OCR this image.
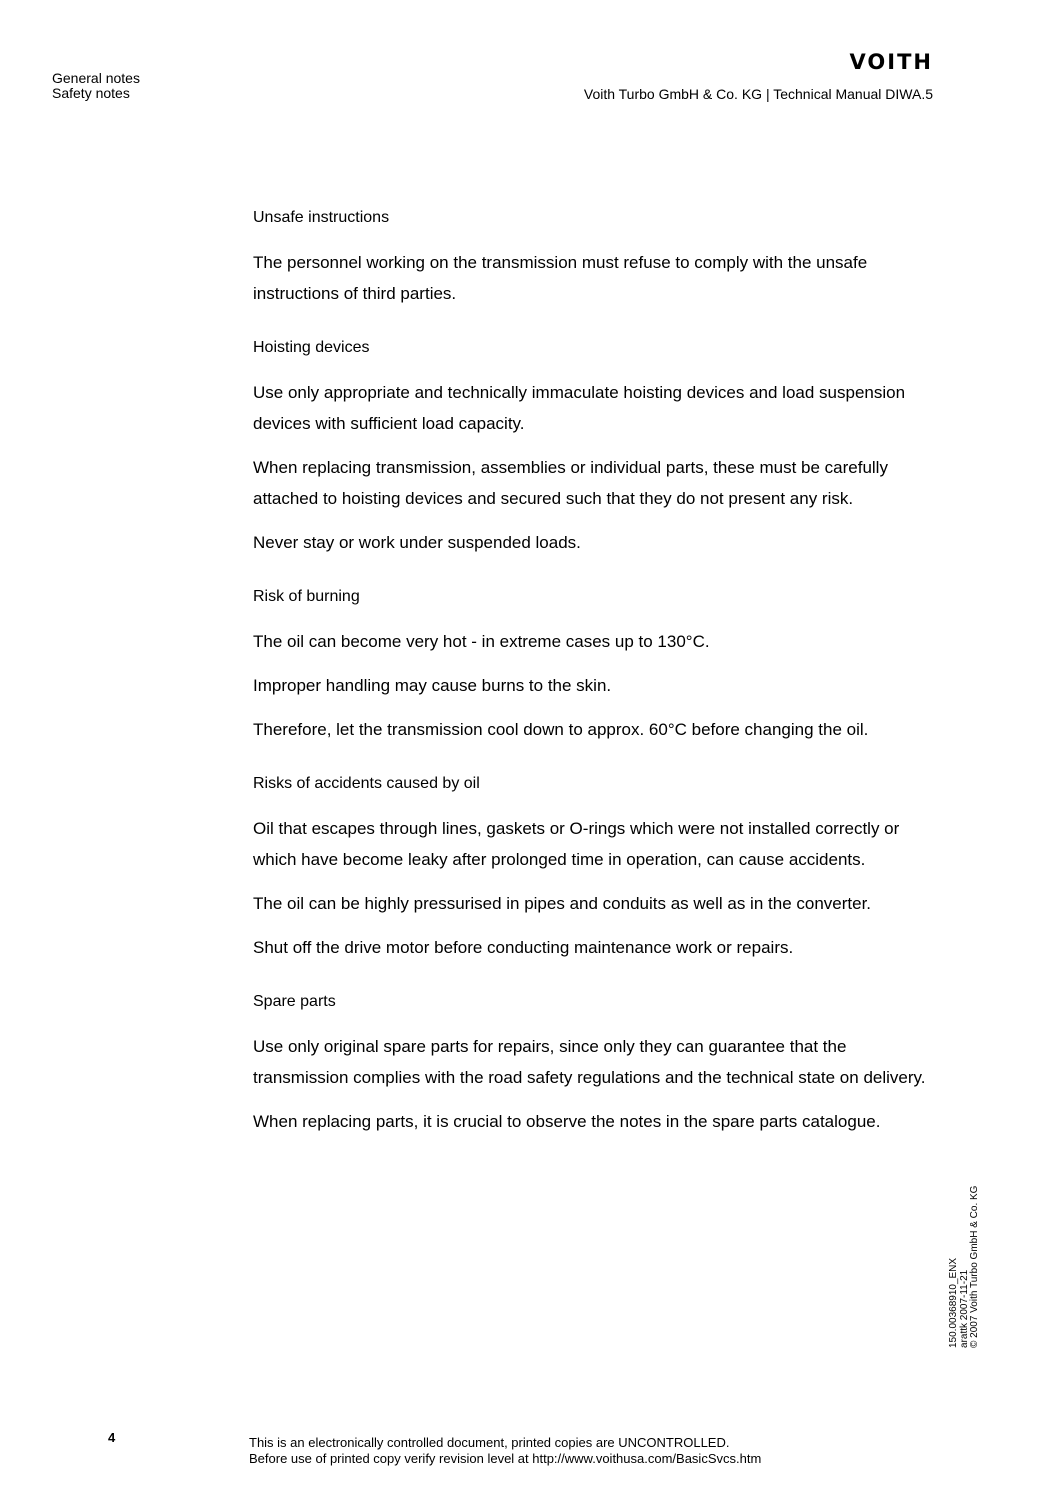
General notes
Safety notes
VOITH
Voith Turbo GmbH & Co. KG | Technical Manual DIWA.5
Unsafe instructions

The personnel working on the transmission must refuse to comply with the unsafe instructions of third parties.

Hoisting devices

Use only appropriate and technically immaculate hoisting devices and load suspension devices with sufficient load capacity.

When replacing transmission, assemblies or individual parts, these must be carefully attached to hoisting devices and secured such that they do not present any risk.

Never stay or work under suspended loads.

Risk of burning

The oil can become very hot - in extreme cases up to 130°C.

Improper handling may cause burns to the skin.

Therefore, let the transmission cool down to approx. 60°C before changing the oil.

Risks of accidents caused by oil

Oil that escapes through lines, gaskets or O-rings which were not installed correctly or which have become leaky after prolonged time in operation, can cause accidents.

The oil can be highly pressurised in pipes and conduits as well as in the converter.

Shut off the drive motor before conducting maintenance work or repairs.

Spare parts

Use only original spare parts for repairs, since only they can guarantee that the transmission complies with the road safety regulations and the technical state on delivery.

When replacing parts, it is crucial to observe the notes in the spare parts catalogue.

150.00368910_ENX arattk 2007-11-21 © 2007 Voith Turbo GmbH & Co. KG
4	This is an electronically controlled document, printed copies are UNCONTROLLED.
Before use of printed copy verify revision level at http://www.voithusa.com/BasicSvcs.htm
